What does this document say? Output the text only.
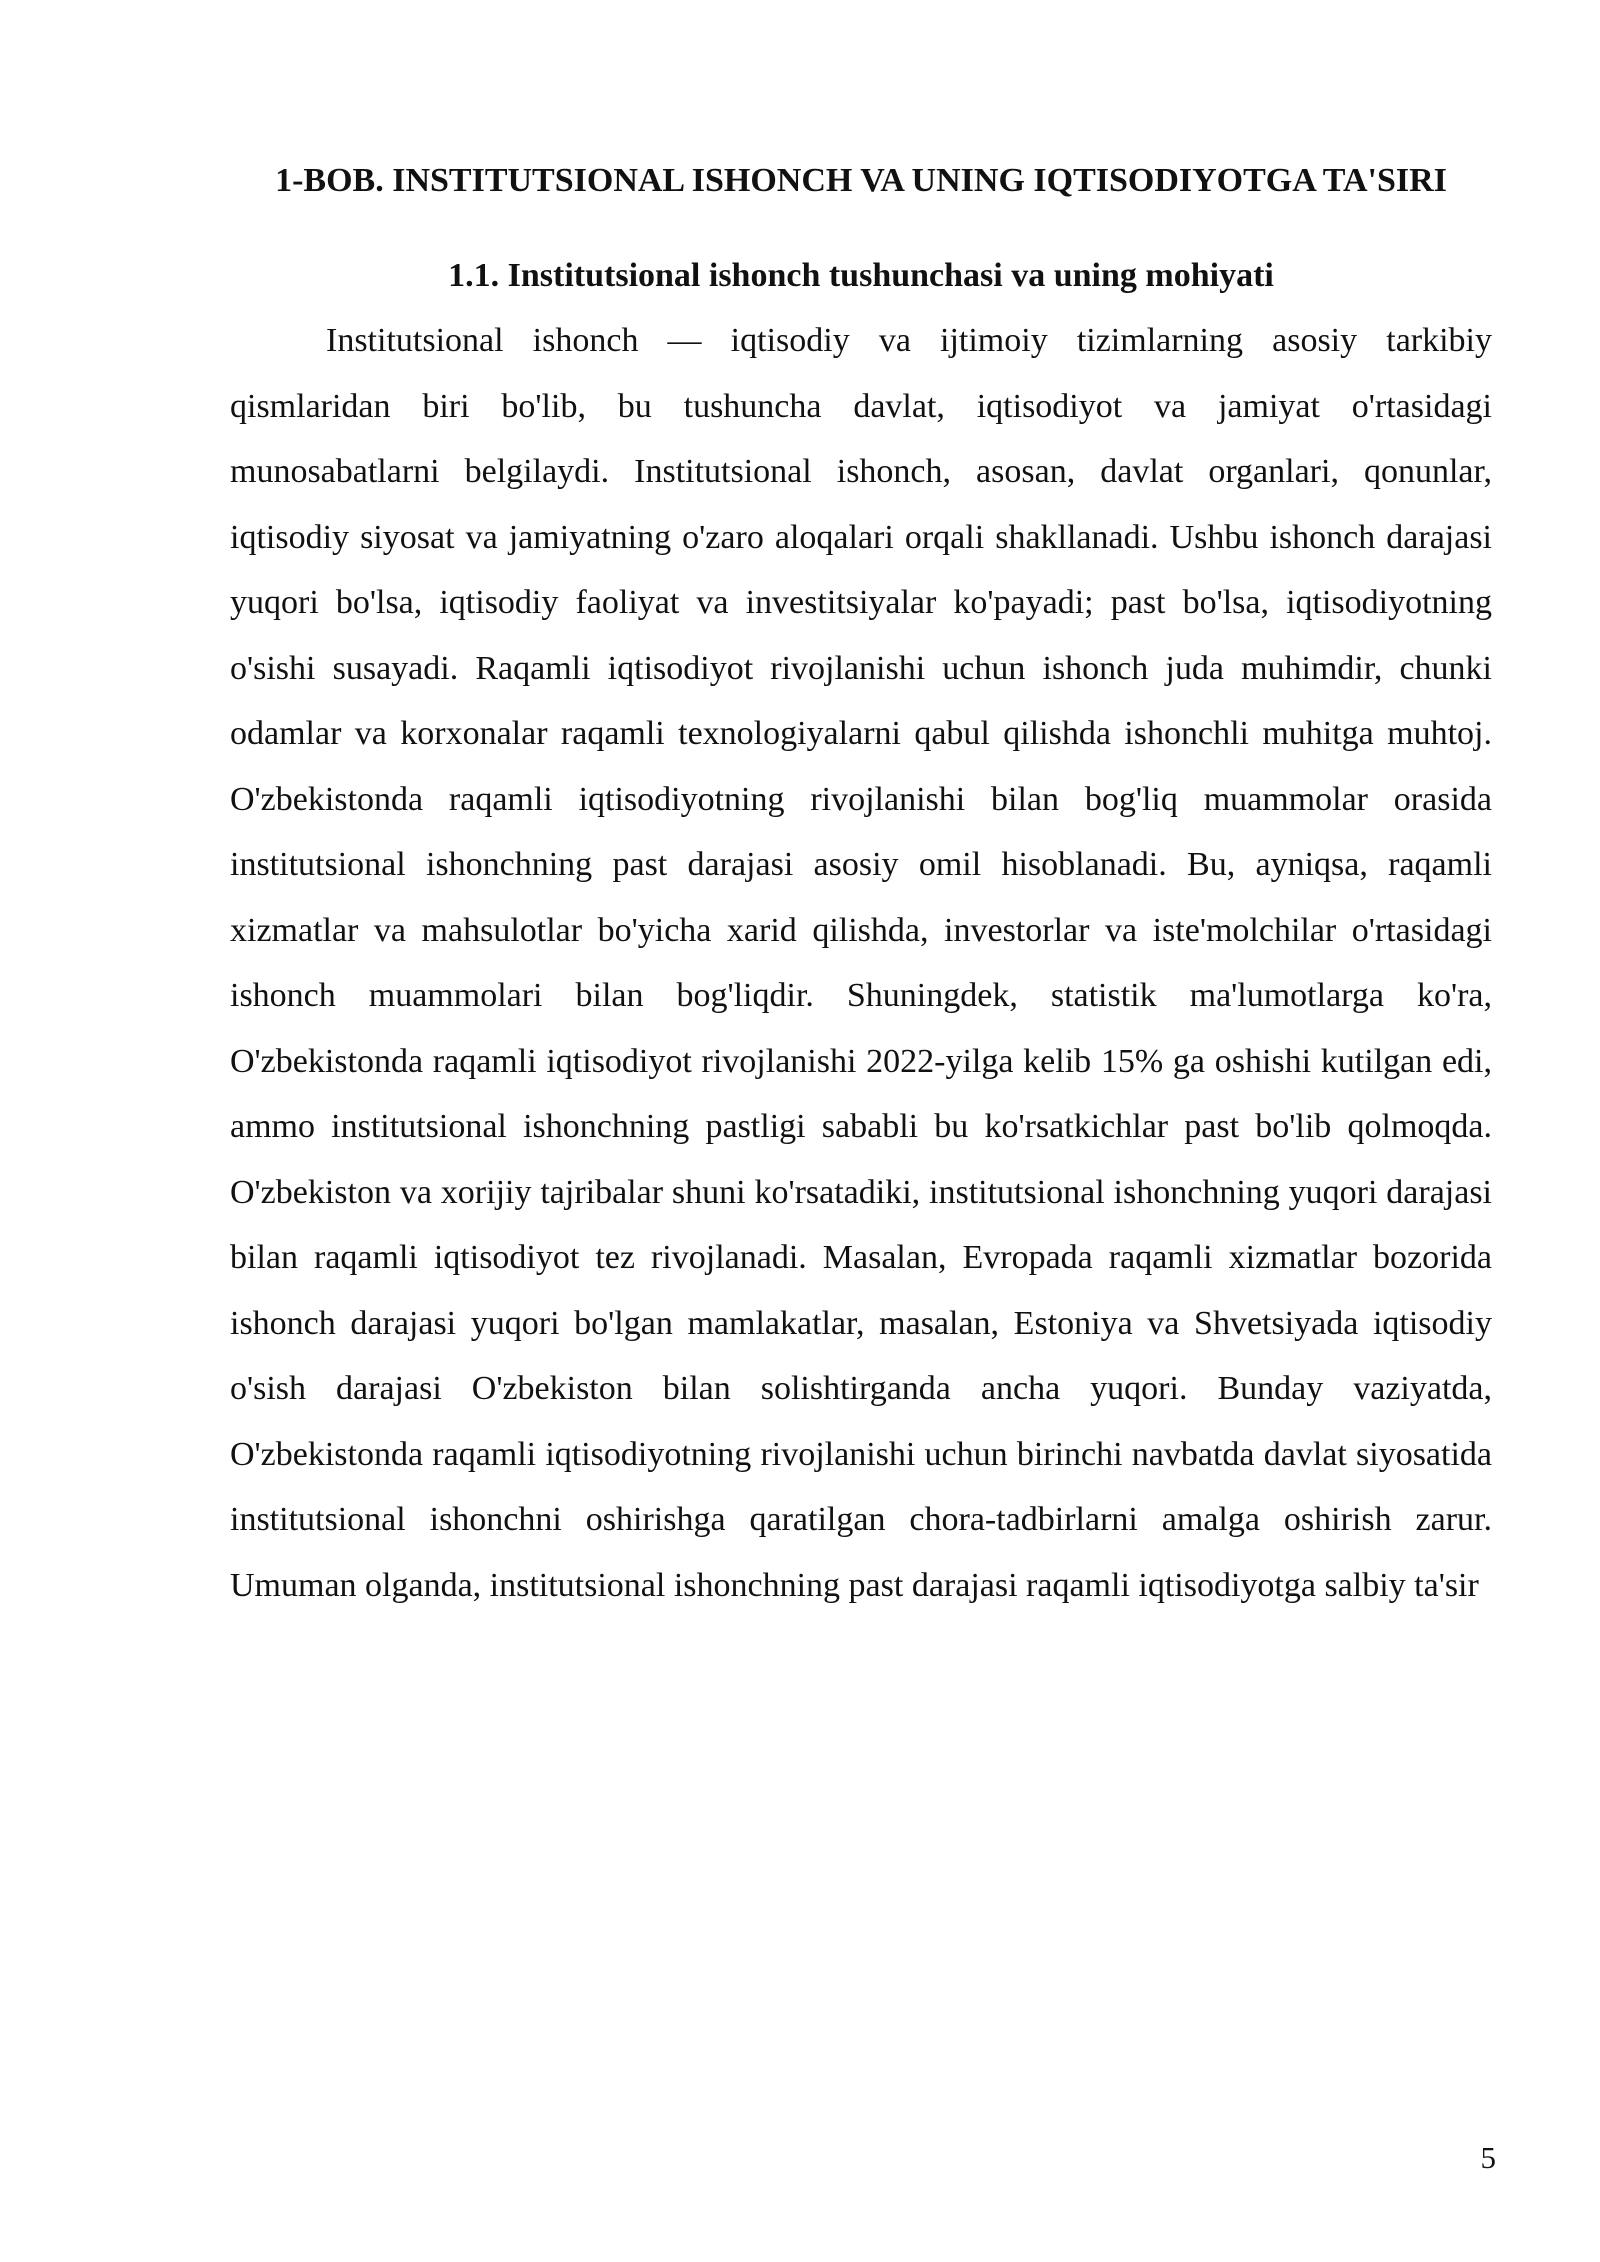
1-BOB. INSTITUTSIONAL ISHONCH VA UNING IQTISODIYOTGA TA'SIRI
1.1. Institutsional ishonch tushunchasi va uning mohiyati

Institutsional ishonch — iqtisodiy va ijtimoiy tizimlarning asosiy tarkibiy qismlaridan biri bo'lib, bu tushuncha davlat, iqtisodiyot va jamiyat o'rtasidagi munosabatlarni belgilaydi. Institutsional ishonch, asosan, davlat organlari, qonunlar, iqtisodiy siyosat va jamiyatning o'zaro aloqalari orqali shakllanadi. Ushbu ishonch darajasi yuqori bo'lsa, iqtisodiy faoliyat va investitsiyalar ko'payadi; past bo'lsa, iqtisodiyotning o'sishi susayadi. Raqamli iqtisodiyot rivojlanishi uchun ishonch juda muhimdir, chunki odamlar va korxonalar raqamli texnologiyalarni qabul qilishda ishonchli muhitga muhtoj. O'zbekistonda raqamli iqtisodiyotning rivojlanishi bilan bog'liq muammolar orasida institutsional ishonchning past darajasi asosiy omil hisoblanadi. Bu, ayniqsa, raqamli xizmatlar va mahsulotlar bo'yicha xarid qilishda, investorlar va iste'molchilar o'rtasidagi ishonch muammolari bilan bog'liqdir. Shuningdek, statistik ma'lumotlarga ko'ra, O'zbekistonda raqamli iqtisodiyot rivojlanishi 2022-yilga kelib 15% ga oshishi kutilgan edi, ammo institutsional ishonchning pastligi sababli bu ko'rsatkichlar past bo'lib qolmoqda. O'zbekiston va xorijiy tajribalar shuni ko'rsatadiki, institutsional ishonchning yuqori darajasi bilan raqamli iqtisodiyot tez rivojlanadi. Masalan, Evropada raqamli xizmatlar bozorida ishonch darajasi yuqori bo'lgan mamlakatlar, masalan, Estoniya va Shvetsiyada iqtisodiy o'sish darajasi O'zbekiston bilan solishtirganda ancha yuqori. Bunday vaziyatda, O'zbekistonda raqamli iqtisodiyotning rivojlanishi uchun birinchi navbatda davlat siyosatida institutsional ishonchni oshirishga qaratilgan chora-tadbirlarni amalga oshirish zarur. Umuman olganda, institutsional ishonchning past darajasi raqamli iqtisodiyotga salbiy ta'sir

5
